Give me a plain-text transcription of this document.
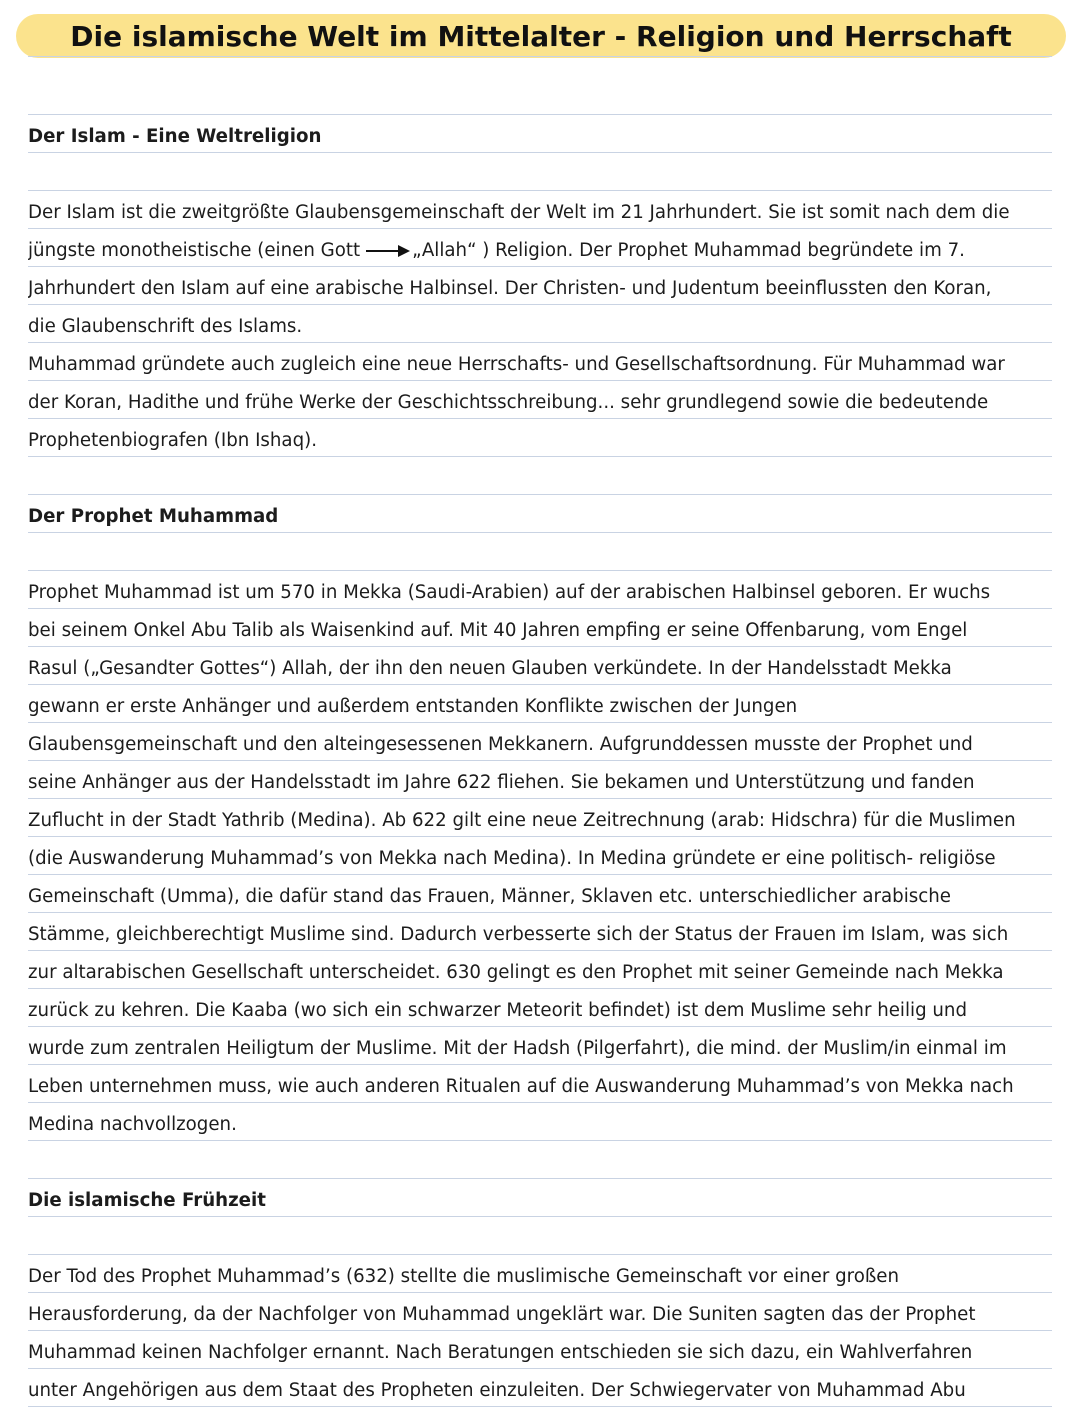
Die islamische Welt im Mittelalter - Religion und Herrschaft
Der Islam - Eine Weltreligion
Der Islam ist die zweitgrößte Glaubensgemeinschaft der Welt im 21 Jahrhundert. Sie ist somit nach dem die
jüngste monotheistische (einen Gott	„Allah“ ) Religion. Der Prophet Muhammad begründete im 7.
Jahrhundert den Islam auf eine arabische Halbinsel. Der Christen- und Judentum beeinflussten den Koran,
die Glaubenschrift des Islams.
Muhammad gründete auch zugleich eine neue Herrschafts- und Gesellschaftsordnung. Für Muhammad war
der Koran, Hadithe und frühe Werke der Geschichtsschreibung... sehr grundlegend sowie die bedeutende
Prophetenbiografen (Ibn Ishaq).
Der Prophet Muhammad
Prophet Muhammad ist um 570 in Mekka (Saudi-Arabien) auf der arabischen Halbinsel geboren. Er wuchs
bei seinem Onkel Abu Talib als Waisenkind auf. Mit 40 Jahren empfing er seine Offenbarung, vom Engel
Rasul („Gesandter Gottes“) Allah, der ihn den neuen Glauben verkündete. In der Handelsstadt Mekka
gewann er erste Anhänger und außerdem entstanden Konflikte zwischen der Jungen
Glaubensgemeinschaft und den alteingesessenen Mekkanern. Aufgrunddessen musste der Prophet und
seine Anhänger aus der Handelsstadt im Jahre 622 fliehen. Sie bekamen und Unterstützung und fanden
Zuflucht in der Stadt Yathrib (Medina). Ab 622 gilt eine neue Zeitrechnung (arab: Hidschra) für die Muslimen
(die Auswanderung Muhammad’s von Mekka nach Medina). In Medina gründete er eine politisch- religiöse
Gemeinschaft (Umma), die dafür stand das Frauen, Männer, Sklaven etc. unterschiedlicher arabische
Stämme, gleichberechtigt Muslime sind. Dadurch verbesserte sich der Status der Frauen im Islam, was sich
zur altarabischen Gesellschaft unterscheidet. 630 gelingt es den Prophet mit seiner Gemeinde nach Mekka
zurück zu kehren. Die Kaaba (wo sich ein schwarzer Meteorit befindet) ist dem Muslime sehr heilig und
wurde zum zentralen Heiligtum der Muslime. Mit der Hadsh (Pilgerfahrt), die mind. der Muslim/in einmal im
Leben unternehmen muss, wie auch anderen Ritualen auf die Auswanderung Muhammad’s von Mekka nach
Medina nachvollzogen.
Die islamische Frühzeit
Der Tod des Prophet Muhammad’s (632) stellte die muslimische Gemeinschaft vor einer großen
Herausforderung, da der Nachfolger von Muhammad ungeklärt war. Die Suniten sagten das der Prophet
Muhammad keinen Nachfolger ernannt. Nach Beratungen entschieden sie sich dazu, ein Wahlverfahren
unter Angehörigen aus dem Staat des Propheten einzuleiten. Der Schwiegervater von Muhammad Abu
